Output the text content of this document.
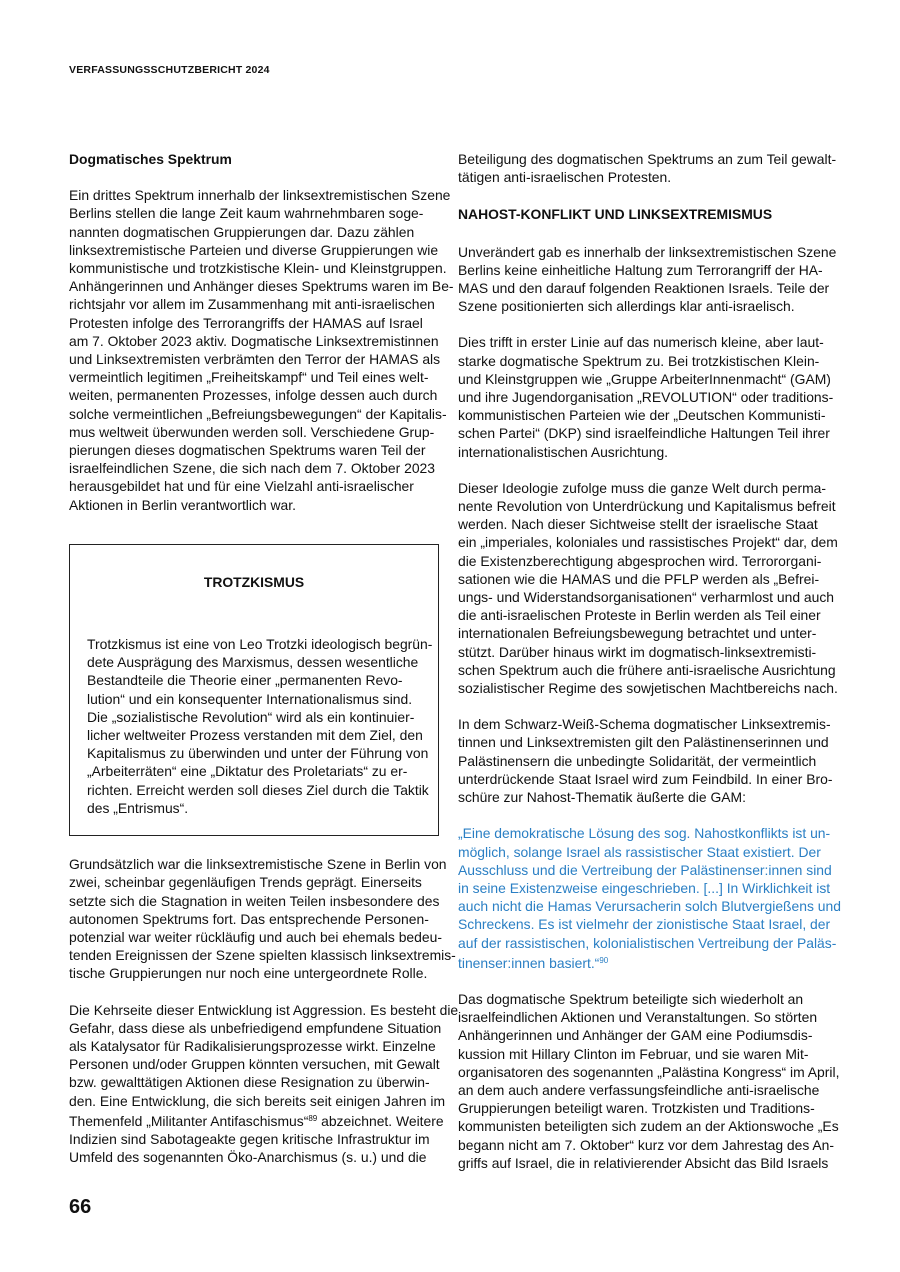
VERFASSUNGSSCHUTZBERICHT 2024

Dogmatisches Spektrum

Ein drittes Spektrum innerhalb der linksextremistischen Szene
Berlins stellen die lange Zeit kaum wahrnehmbaren soge-
nannten dogmatischen Gruppierungen dar. Dazu zählen
linksextremistische Parteien und diverse Gruppierungen wie
kommunistische und trotzkistische Klein- und Kleinstgruppen.
Anhängerinnen und Anhänger dieses Spektrums waren im Be-
richtsjahr vor allem im Zusammenhang mit anti-israelischen
Protesten infolge des Terrorangriffs der HAMAS auf Israel
am 7. Oktober 2023 aktiv. Dogmatische Linksextremistinnen
und Linksextremisten verbrämten den Terror der HAMAS als
vermeintlich legitimen „Freiheitskampf“ und Teil eines welt-
weiten, permanenten Prozesses, infolge dessen auch durch
solche vermeintlichen „Befreiungsbewegungen“ der Kapitalis-
mus weltweit überwunden werden soll. Verschiedene Grup-
pierungen dieses dogmatischen Spektrums waren Teil der
israelfeindlichen Szene, die sich nach dem 7. Oktober 2023
herausgebildet hat und für eine Vielzahl anti-israelischer
Aktionen in Berlin verantwortlich war.
TROTZKISMUS
Trotzkismus ist eine von Leo Trotzki ideologisch begrün-
dete Ausprägung des Marxismus, dessen wesentliche
Bestandteile die Theorie einer „permanenten Revo-
lution“ und ein konsequenter Internationalismus sind.
Die „sozialistische Revolution“ wird als ein kontinuier-
licher weltweiter Prozess verstanden mit dem Ziel, den
Kapitalismus zu überwinden und unter der Führung von
„Arbeiterräten“ eine „Diktatur des Proletariats“ zu er-
richten. Erreicht werden soll dieses Ziel durch die Taktik
des „Entrismus“.
Grundsätzlich war die linksextremistische Szene in Berlin von
zwei, scheinbar gegenläufigen Trends geprägt. Einerseits
setzte sich die Stagnation in weiten Teilen insbesondere des
autonomen Spektrums fort. Das entsprechende Personen-
potenzial war weiter rückläufig und auch bei ehemals bedeu-
tenden Ereignissen der Szene spielten klassisch linksextremis-
tische Gruppierungen nur noch eine untergeordnete Rolle.
Die Kehrseite dieser Entwicklung ist Aggression. Es besteht die
Gefahr, dass diese als unbefriedigend empfundene Situation
als Katalysator für Radikalisierungsprozesse wirkt. Einzelne
Personen und/oder Gruppen könnten versuchen, mit Gewalt
bzw. gewalttätigen Aktionen diese Resignation zu überwin-
den. Eine Entwicklung, die sich bereits seit einigen Jahren im
Themenfeld „Militanter Antifaschismus“$^{89}$ abzeichnet. Weitere
Indizien sind Sabotageakte gegen kritische Infrastruktur im
Umfeld des sogenannten Öko-Anarchismus (s. u.) und die
Beteiligung des dogmatischen Spektrums an zum Teil gewalt-
tätigen anti-israelischen Protesten.

NAHOST-KONFLIKT UND LINKSEXTREMISMUS

Unverändert gab es innerhalb der linksextremistischen Szene
Berlins keine einheitliche Haltung zum Terrorangriff der HA-
MAS und den darauf folgenden Reaktionen Israels. Teile der
Szene positionierten sich allerdings klar anti-israelisch.
Dies trifft in erster Linie auf das numerisch kleine, aber laut-
starke dogmatische Spektrum zu. Bei trotzkistischen Klein-
und Kleinstgruppen wie „Gruppe ArbeiterInnenmacht“ (GAM)
und ihre Jugendorganisation „REVOLUTION“ oder traditions-
kommunistischen Parteien wie der „Deutschen Kommunisti-
schen Partei“ (DKP) sind israelfeindliche Haltungen Teil ihrer
internationalistischen Ausrichtung.
Dieser Ideologie zufolge muss die ganze Welt durch perma-
nente Revolution von Unterdrückung und Kapitalismus befreit
werden. Nach dieser Sichtweise stellt der israelische Staat
ein „imperiales, koloniales und rassistisches Projekt“ dar, dem
die Existenzberechtigung abgesprochen wird. Terrororgani-
sationen wie die HAMAS und die PFLP werden als „Befrei-
ungs- und Widerstandsorganisationen“ verharmlost und auch
die anti-israelischen Proteste in Berlin werden als Teil einer
internationalen Befreiungsbewegung betrachtet und unter-
stützt. Darüber hinaus wirkt im dogmatisch-linksextremisti-
schen Spektrum auch die frühere anti-israelische Ausrichtung
sozialistischer Regime des sowjetischen Machtbereichs nach.
In dem Schwarz-Weiß-Schema dogmatischer Linksextremis-
tinnen und Linksextremisten gilt den Palästinenserinnen und
Palästinensern die unbedingte Solidarität, der vermeintlich
unterdrückende Staat Israel wird zum Feindbild. In einer Bro-
schüre zur Nahost-Thematik äußerte die GAM:
„Eine demokratische Lösung des sog. Nahostkonflikts ist un-
möglich, solange Israel als rassistischer Staat existiert. Der
Ausschluss und die Vertreibung der Palästinenser:innen sind
in seine Existenzweise eingeschrieben. [...] In Wirklichkeit ist
auch nicht die Hamas Verursacherin solch Blutvergießens und
Schreckens. Es ist vielmehr der zionistische Staat Israel, der
auf der rassistischen, kolonialistischen Vertreibung der Paläs-
tinenser:innen basiert.“$^{90}$
Das dogmatische Spektrum beteiligte sich wiederholt an
israelfeindlichen Aktionen und Veranstaltungen. So störten
Anhängerinnen und Anhänger der GAM eine Podiumsdis-
kussion mit Hillary Clinton im Februar, und sie waren Mit-
organisatoren des sogenannten „Palästina Kongress“ im April,
an dem auch andere verfassungsfeindliche anti-israelische
Gruppierungen beteiligt waren. Trotzkisten und Traditions-
kommunisten beteiligten sich zudem an der Aktionswoche „Es
begann nicht am 7. Oktober“ kurz vor dem Jahrestag des An-
griffs auf Israel, die in relativierender Absicht das Bild Israels
66
